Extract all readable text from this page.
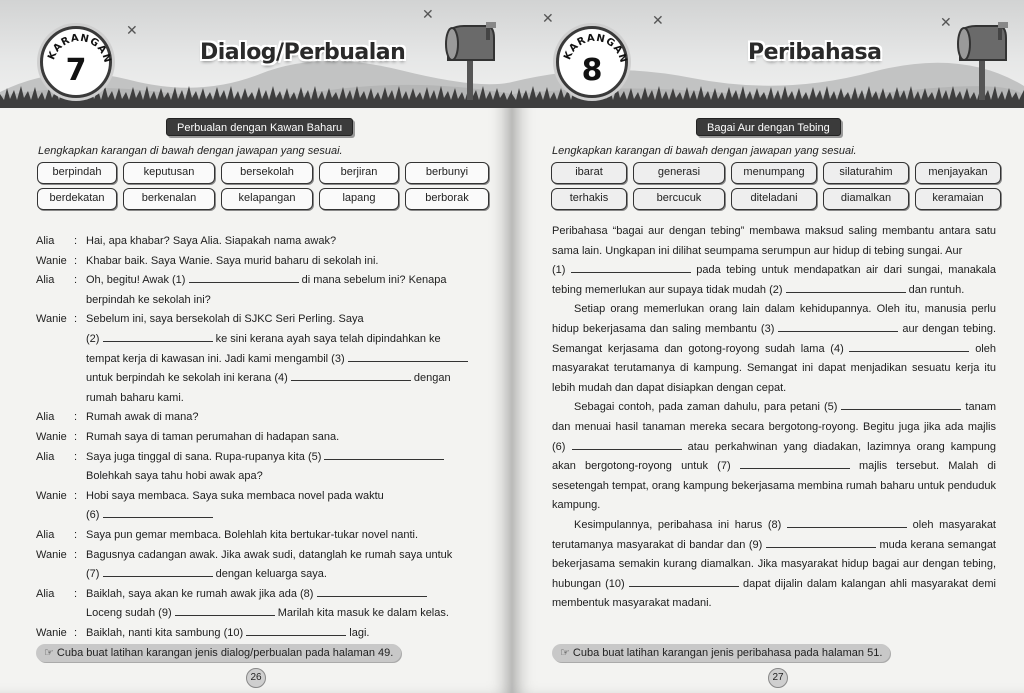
KARANGAN
7
✕
✕
Dialog/Perbualan
Perbualan dengan Kawan Baharu
Lengkapkan karangan di bawah dengan jawapan yang sesuai.
berpindah	keputusan	bersekolah	berjiran	berbunyi
berdekatan	berkenalan	kelapangan	lapang	berborak
Alia	: Hai, apa khabar? Saya Alia. Siapakah nama awak?
Wanie : Khabar baik. Saya Wanie. Saya murid baharu di sekolah ini.
Alia	: Oh, begitu! Awak (1)	di mana sebelum ini? Kenapa
berpindah ke sekolah ini?
Wanie : Sebelum ini, saya bersekolah di SJKC Seri Perling. Saya
(2)	ke sini kerana ayah saya telah dipindahkan ke
tempat kerja di kawasan ini. Jadi kami mengambil (3)
untuk berpindah ke sekolah ini kerana (4)	dengan
rumah baharu kami.
Alia	: Rumah awak di mana?
Wanie : Rumah saya di taman perumahan di hadapan sana.
Alia	: Saya juga tinggal di sana. Rupa-rupanya kita (5)
Bolehkah saya tahu hobi awak apa?
Wanie : Hobi saya membaca. Saya suka membaca novel pada waktu
(6)
Alia	: Saya pun gemar membaca. Bolehlah kita bertukar-tukar novel nanti.
Wanie : Bagusnya cadangan awak. Jika awak sudi, datanglah ke rumah saya untuk
(7)	dengan keluarga saya.
Alia	: Baiklah, saya akan ke rumah awak jika ada (8)
Loceng sudah (9)	Marilah kita masuk ke dalam kelas.
Wanie : Baiklah, nanti kita sambung (10)	lagi.
☞ Cuba buat latihan karangan jenis dialog/perbualan pada halaman 49.
26
KARANGAN
8
✕	✕	✕
Peribahasa
Bagai Aur dengan Tebing
Lengkapkan karangan di bawah dengan jawapan yang sesuai.
ibarat	generasi	menumpang	silaturahim	menjayakan
terhakis	bercucuk	diteladani	diamalkan	keramaian

Peribahasa “bagai aur dengan tebing” membawa maksud saling membantu antara satu sama lain. Ungkapan ini dilihat seumpama serumpun aur hidup di tebing sungai. Aur
(1)	pada tebing untuk mendapatkan air dari sungai, manakala tebing memerlukan aur supaya tidak mudah (2)	dan runtuh.

Setiap orang memerlukan orang lain dalam kehidupannya. Oleh itu, manusia perlu hidup bekerjasama dan saling membantu (3)	aur dengan tebing. Semangat kerjasama dan gotong-royong sudah lama (4)	oleh masyarakat terutamanya di kampung. Semangat ini dapat menjadikan sesuatu kerja itu lebih mudah dan dapat disiapkan dengan cepat.

Sebagai contoh, pada zaman dahulu, para petani (5)	tanam dan menuai hasil tanaman mereka secara bergotong-royong. Begitu juga jika ada majlis (6)	atau perkahwinan yang diadakan, lazimnya orang kampung akan bergotong-royong untuk (7)	majlis tersebut. Malah di sesetengah tempat, orang kampung bekerjasama membina rumah baharu untuk penduduk kampung.

Kesimpulannya, peribahasa ini harus (8)	oleh masyarakat terutamanya masyarakat di bandar dan (9)	muda kerana semangat bekerjasama semakin kurang diamalkan. Jika masyarakat hidup bagai aur dengan tebing, hubungan (10)	dapat dijalin dalam kalangan ahli masyarakat demi membentuk masyarakat madani.

☞ Cuba buat latihan karangan jenis peribahasa pada halaman 51.
27
